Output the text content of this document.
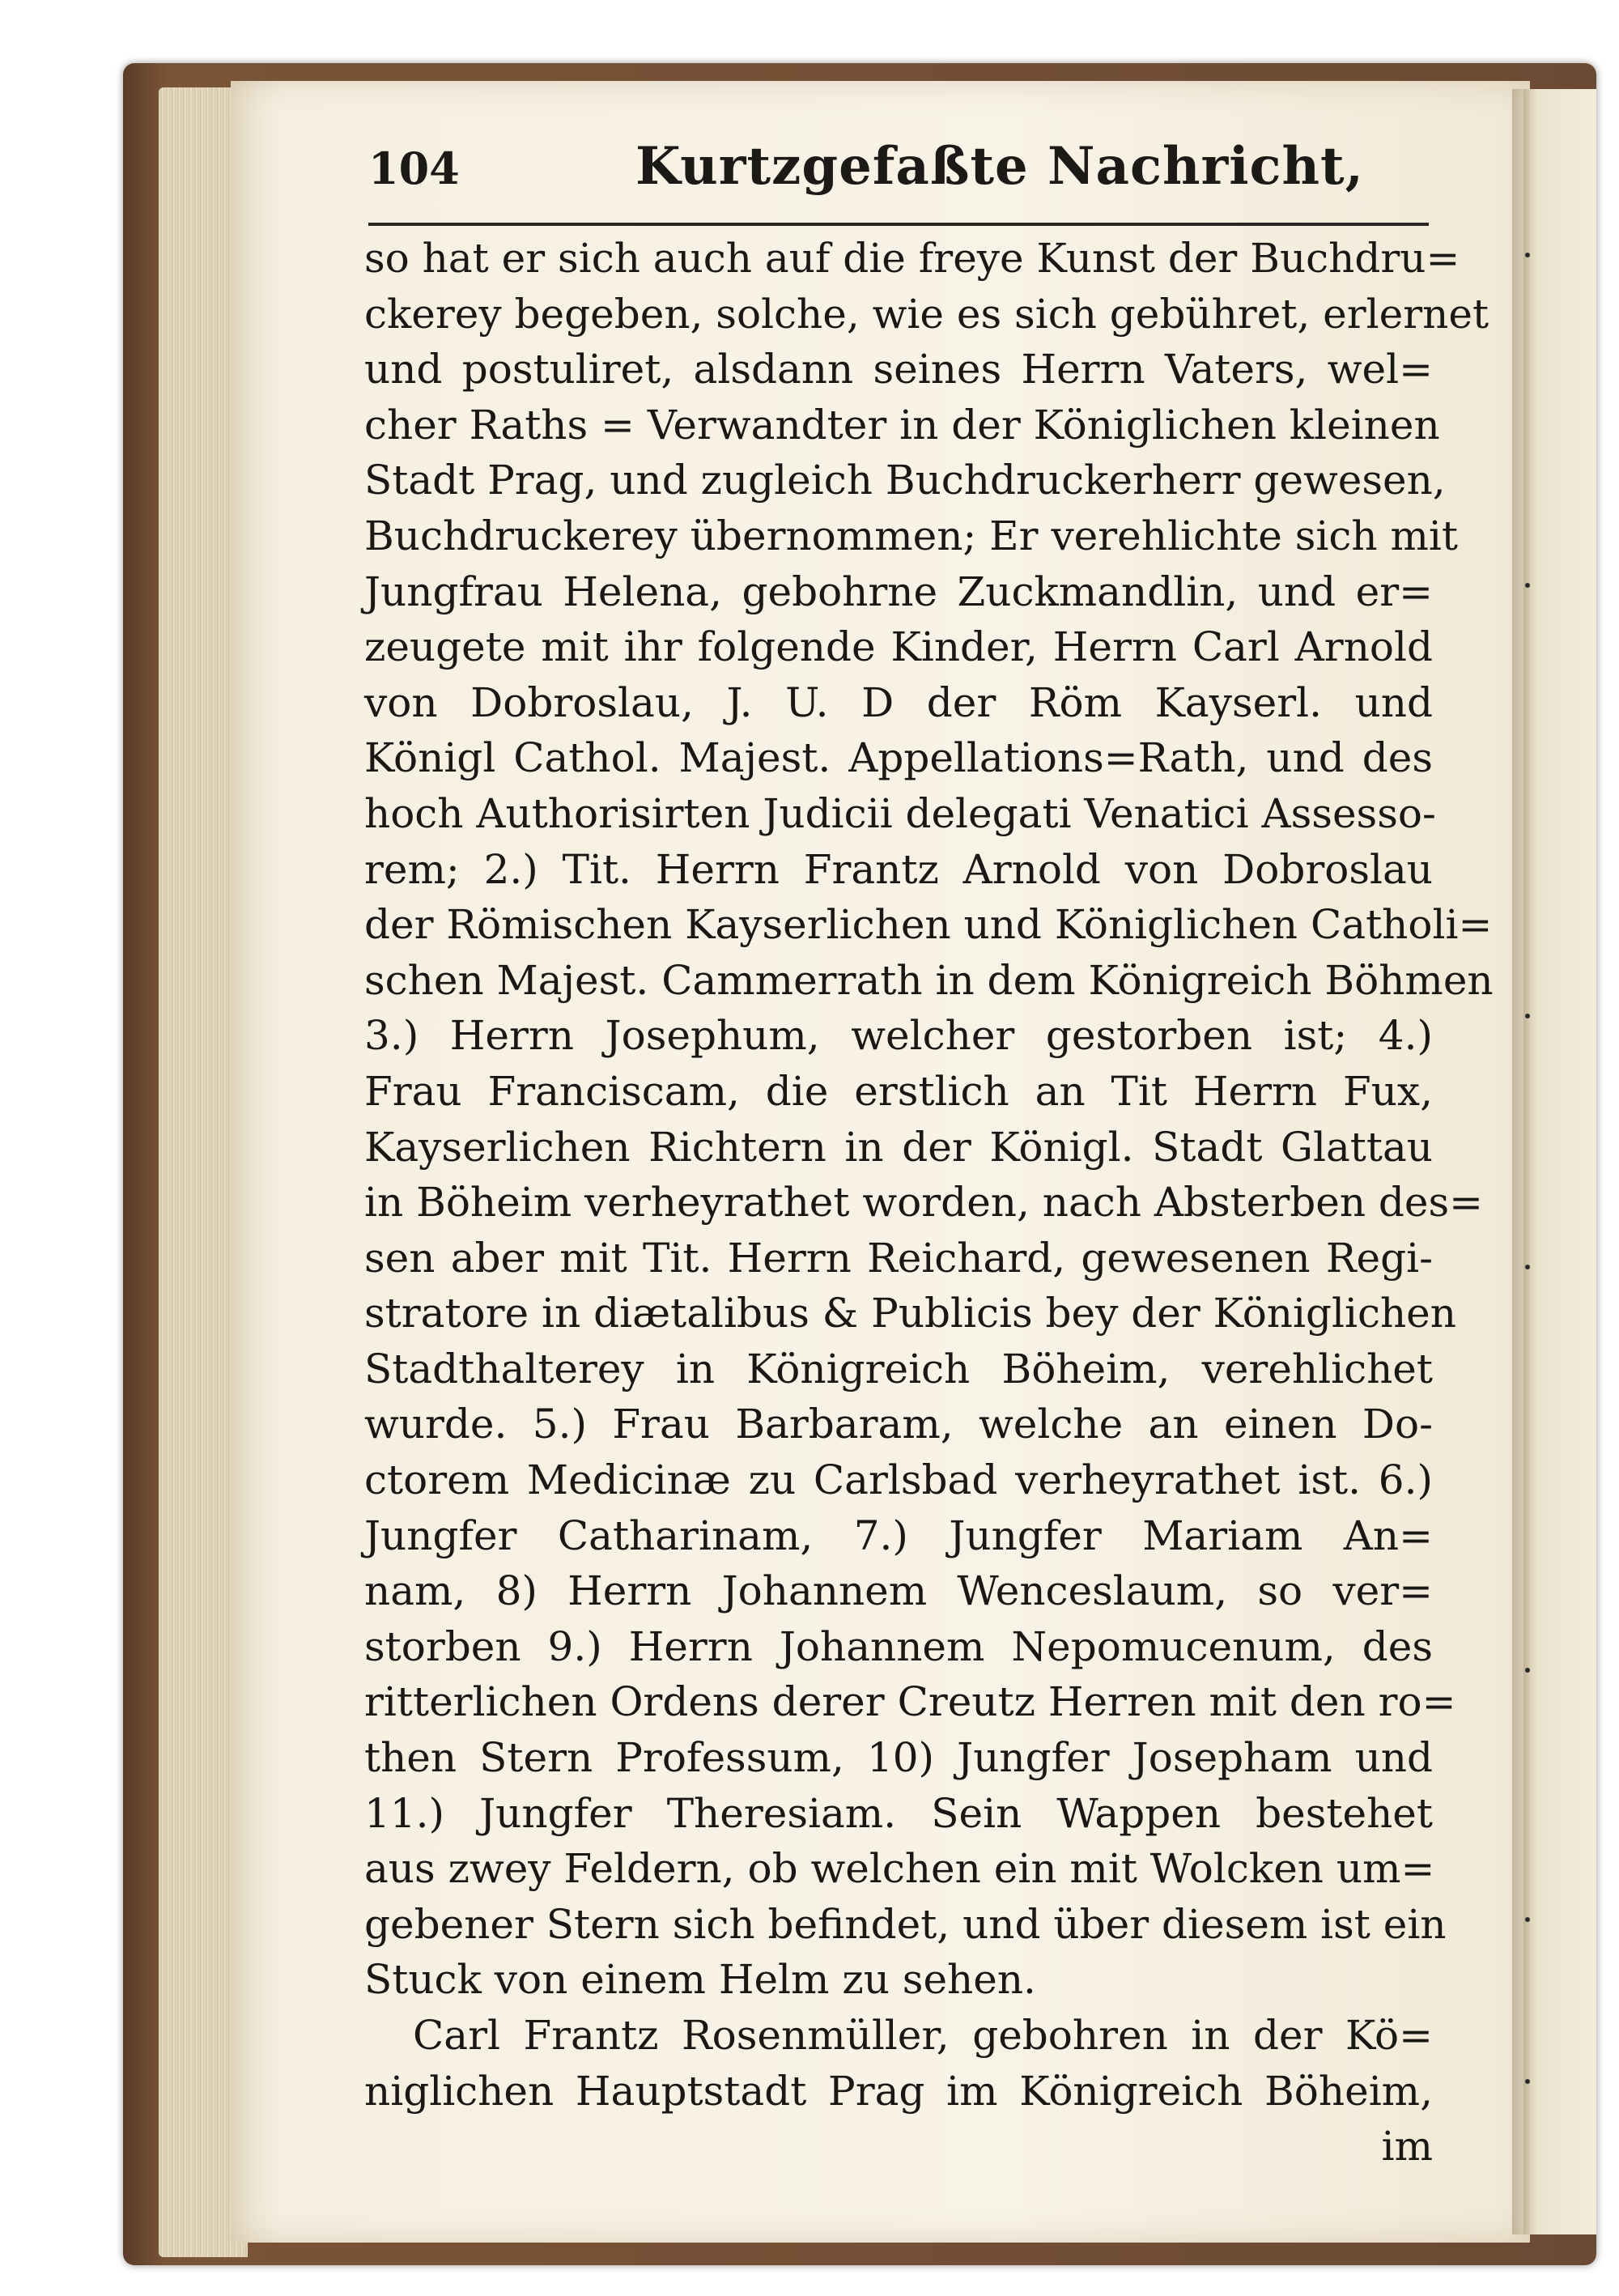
104	Kurtzgefaßte Nachricht,
so hat er sich auch auf die freye Kunst der Buchdru=
ckerey begeben, solche, wie es sich gebühret, erlernet
und postuliret, alsdann seines Herrn Vaters, wel=
cher Raths = Verwandter in der Königlichen kleinen
Stadt Prag, und zugleich Buchdruckerherr gewesen,
Buchdruckerey übernommen; Er verehlichte sich mit
Jungfrau Helena, gebohrne Zuckmandlin, und er=
zeugete mit ihr folgende Kinder, Herrn Carl Arnold
von Dobroslau, J. U. D der Röm Kayserl. und
Königl Cathol. Majest. Appellations=Rath, und des
hoch Authorisirten Judicii delegati Venatici Assesso-
rem; 2.) Tit. Herrn Frantz Arnold von Dobroslau
der Römischen Kayserlichen und Königlichen Catholi=
schen Majest. Cammerrath in dem Königreich Böhmen
3.) Herrn Josephum, welcher gestorben ist; 4.)
Frau Franciscam, die erstlich an Tit Herrn Fux,
Kayserlichen Richtern in der Königl. Stadt Glattau
in Böheim verheyrathet worden, nach Absterben des=
sen aber mit Tit. Herrn Reichard, gewesenen Regi-
stratore in diætalibus & Publicis bey der Königlichen
Stadthalterey in Königreich Böheim, verehlichet
wurde. 5.) Frau Barbaram, welche an einen Do-
ctorem Medicinæ zu Carlsbad verheyrathet ist. 6.)
Jungfer Catharinam, 7.) Jungfer Mariam An=
nam, 8) Herrn Johannem Wenceslaum, so ver=
storben 9.) Herrn Johannem Nepomucenum, des
ritterlichen Ordens derer Creutz Herren mit den ro=
then Stern Professum, 10) Jungfer Josepham und
11.) Jungfer Theresiam. Sein Wappen bestehet
aus zwey Feldern, ob welchen ein mit Wolcken um=
gebener Stern sich befindet, und über diesem ist ein
Stuck von einem Helm zu sehen.
Carl Frantz Rosenmüller, gebohren in der Kö=
niglichen Hauptstadt Prag im Königreich Böheim,
im
